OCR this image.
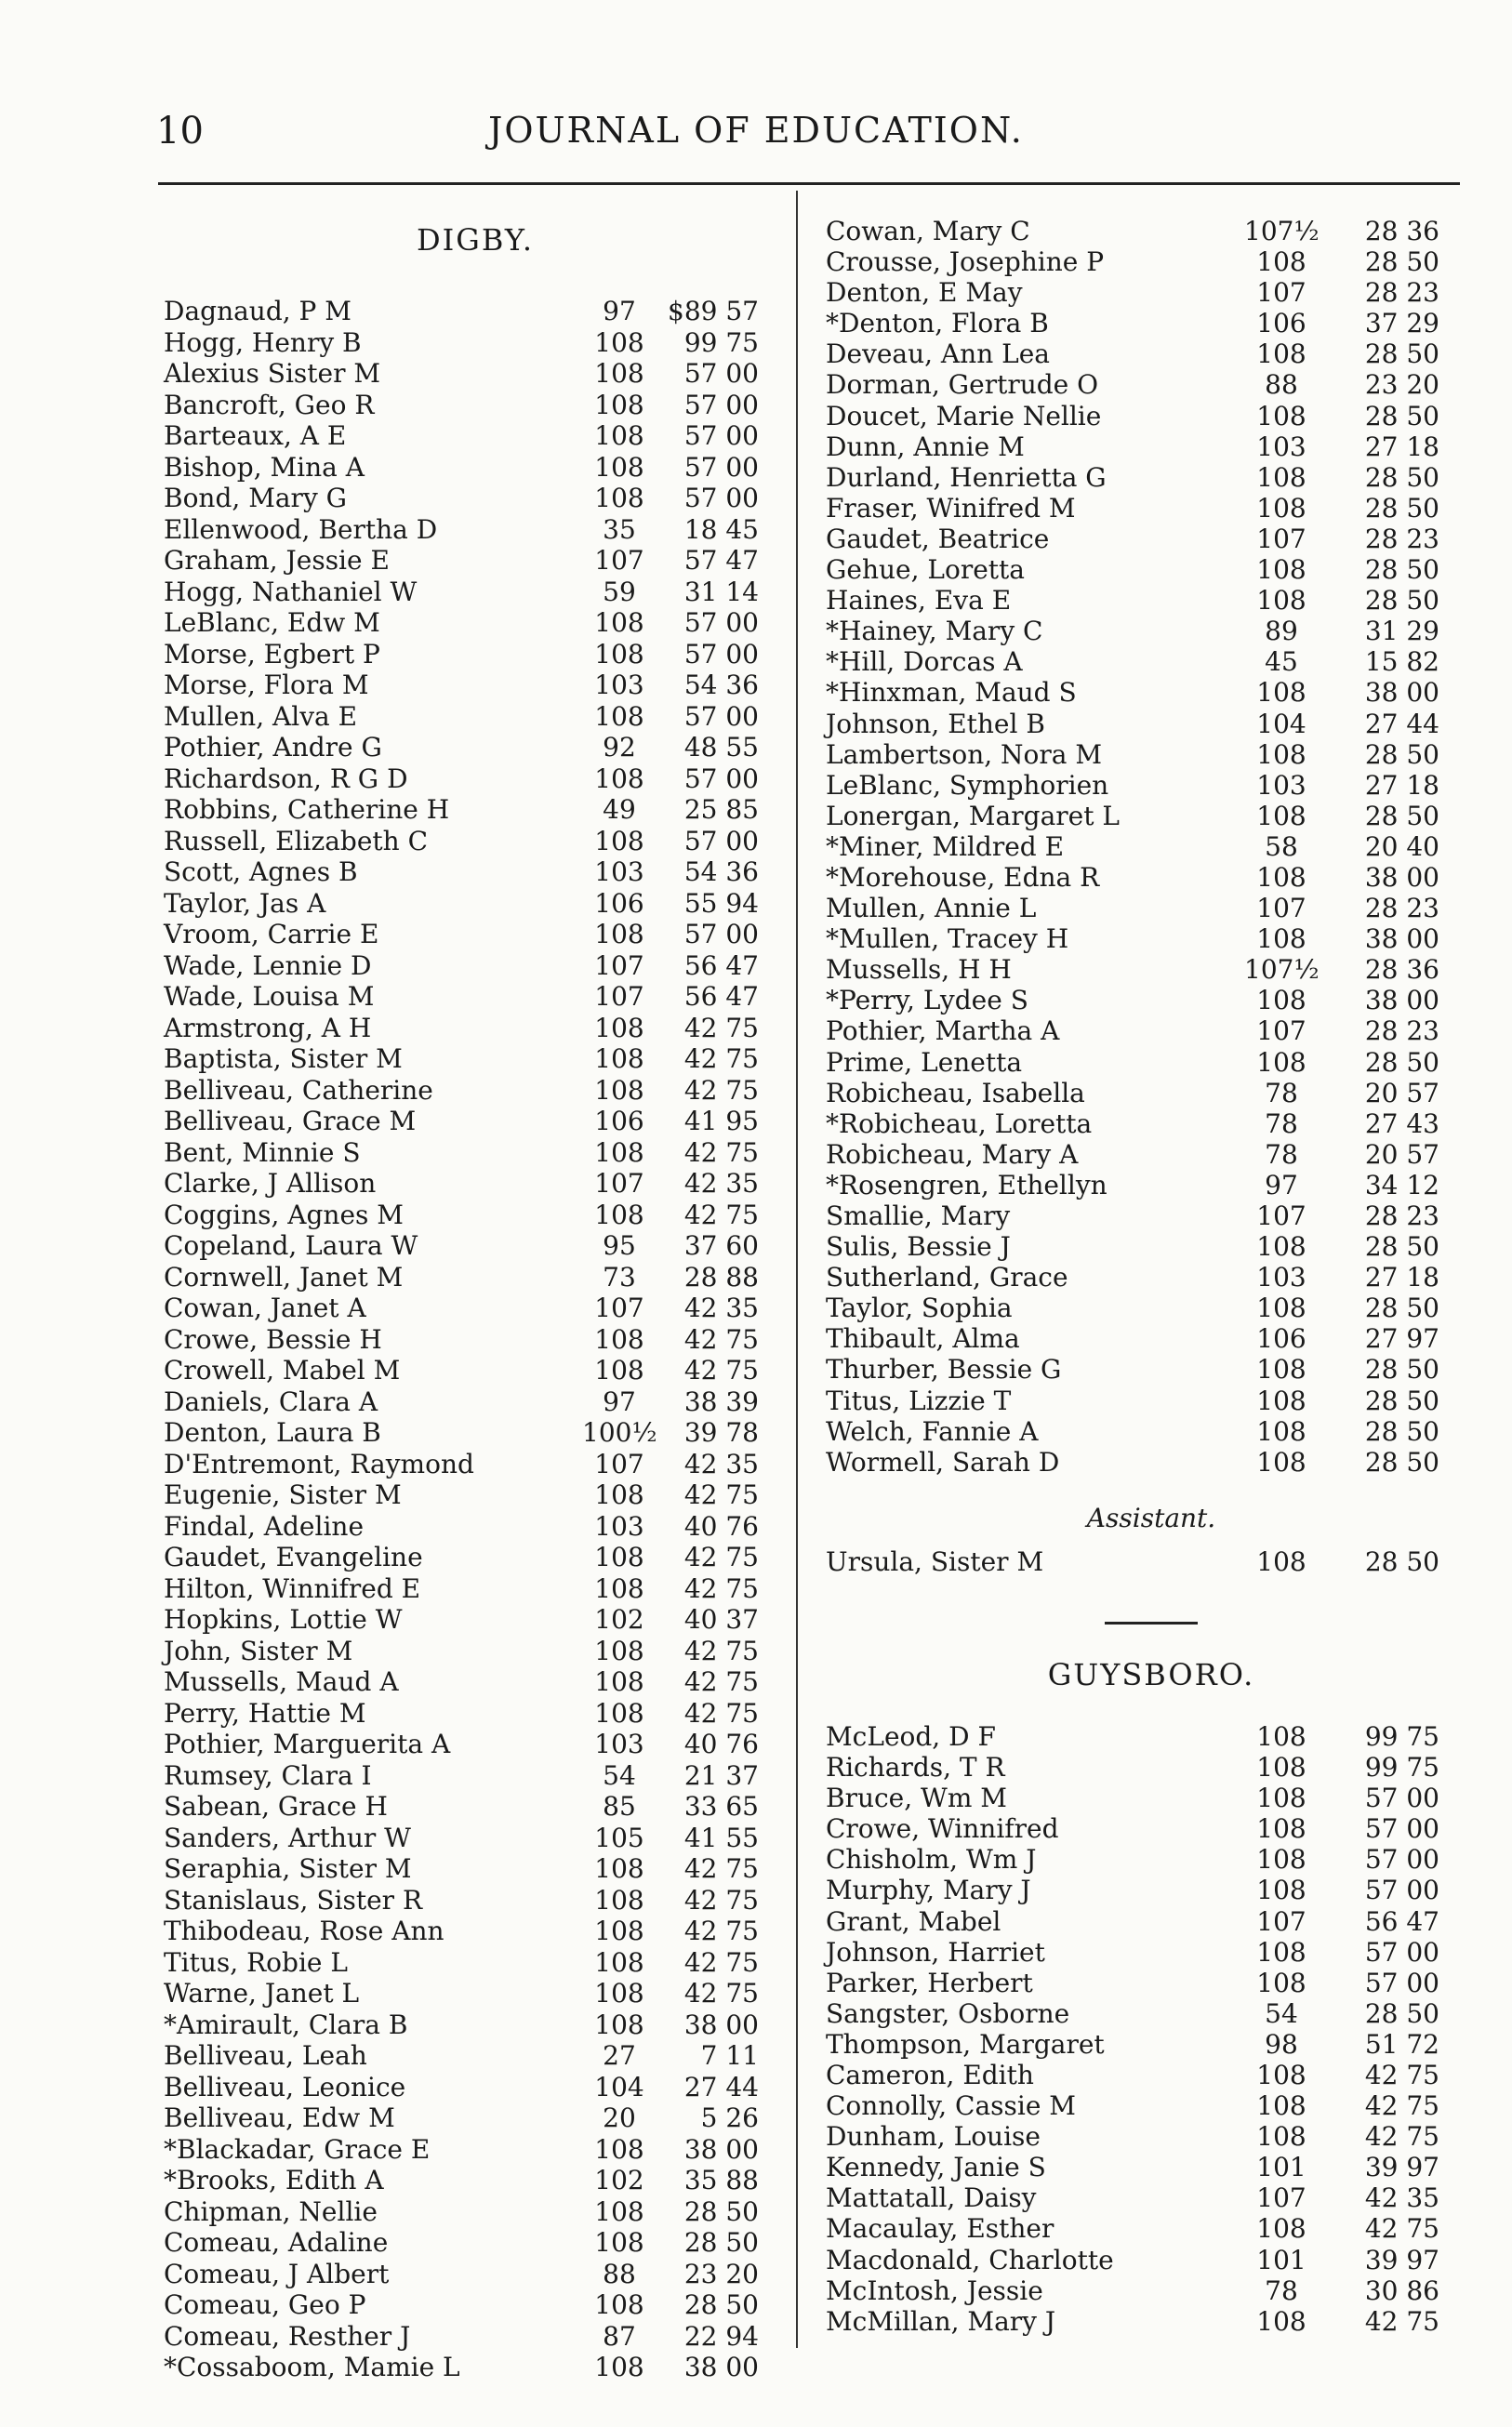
10	JOURNAL OF EDUCATION.
DIGBY.
Dagnaud, P M	97	$89 57
Hogg, Henry B	108	99 75
Alexius Sister M	108	57 00
Bancroft, Geo R	108	57 00
Barteaux, A E	108	57 00
Bishop, Mina A	108	57 00
Bond, Mary G	108	57 00
Ellenwood, Bertha D	35	18 45
Graham, Jessie E	107	57 47
Hogg, Nathaniel W	59	31 14
LeBlanc, Edw M	108	57 00
Morse, Egbert P	108	57 00
Morse, Flora M	103	54 36
Mullen, Alva E	108	57 00
Pothier, Andre G	92	48 55
Richardson, R G D	108	57 00
Robbins, Catherine H	49	25 85
Russell, Elizabeth C	108	57 00
Scott, Agnes B	103	54 36
Taylor, Jas A	106	55 94
Vroom, Carrie E	108	57 00
Wade, Lennie D	107	56 47
Wade, Louisa M	107	56 47
Armstrong, A H	108	42 75
Baptista, Sister M	108	42 75
Belliveau, Catherine	108	42 75
Belliveau, Grace M	106	41 95
Bent, Minnie S	108	42 75
Clarke, J Allison	107	42 35
Coggins, Agnes M	108	42 75
Copeland, Laura W	95	37 60
Cornwell, Janet M	73	28 88
Cowan, Janet A	107	42 35
Crowe, Bessie H	108	42 75
Crowell, Mabel M	108	42 75
Daniels, Clara A	97	38 39
Denton, Laura B	100½	39 78
D'Entremont, Raymond	107	42 35
Eugenie, Sister M	108	42 75
Findal, Adeline	103	40 76
Gaudet, Evangeline	108	42 75
Hilton, Winnifred E	108	42 75
Hopkins, Lottie W	102	40 37
John, Sister M	108	42 75
Mussells, Maud A	108	42 75
Perry, Hattie M	108	42 75
Pothier, Marguerita A	103	40 76
Rumsey, Clara I	54	21 37
Sabean, Grace H	85	33 65
Sanders, Arthur W	105	41 55
Seraphia, Sister M	108	42 75
Stanislaus, Sister R	108	42 75
Thibodeau, Rose Ann	108	42 75
Titus, Robie L	108	42 75
Warne, Janet L	108	42 75
*Amirault, Clara B	108	38 00
Belliveau, Leah	27	7 11
Belliveau, Leonice	104	27 44
Belliveau, Edw M	20	5 26
*Blackadar, Grace E	108	38 00
*Brooks, Edith A	102	35 88
Chipman, Nellie	108	28 50
Comeau, Adaline	108	28 50
Comeau, J Albert	88	23 20
Comeau, Geo P	108	28 50
Comeau, Resther J	87	22 94
*Cossaboom, Mamie L	108	38 00
Cowan, Mary C	107½	28 36
Crousse, Josephine P	108	28 50
Denton, E May	107	28 23
*Denton, Flora B	106	37 29
Deveau, Ann Lea	108	28 50
Dorman, Gertrude O	88	23 20
Doucet, Marie Nellie	108	28 50
Dunn, Annie M	103	27 18
Durland, Henrietta G	108	28 50
Fraser, Winifred M	108	28 50
Gaudet, Beatrice	107	28 23
Gehue, Loretta	108	28 50
Haines, Eva E	108	28 50
*Hainey, Mary C	89	31 29
*Hill, Dorcas A	45	15 82
*Hinxman, Maud S	108	38 00
Johnson, Ethel B	104	27 44
Lambertson, Nora M	108	28 50
LeBlanc, Symphorien	103	27 18
Lonergan, Margaret L	108	28 50
*Miner, Mildred E	58	20 40
*Morehouse, Edna R	108	38 00
Mullen, Annie L	107	28 23
*Mullen, Tracey H	108	38 00
Mussells, H H	107½	28 36
*Perry, Lydee S	108	38 00
Pothier, Martha A	107	28 23
Prime, Lenetta	108	28 50
Robicheau, Isabella	78	20 57
*Robicheau, Loretta	78	27 43
Robicheau, Mary A	78	20 57
*Rosengren, Ethellyn	97	34 12
Smallie, Mary	107	28 23
Sulis, Bessie J	108	28 50
Sutherland, Grace	103	27 18
Taylor, Sophia	108	28 50
Thibault, Alma	106	27 97
Thurber, Bessie G	108	28 50
Titus, Lizzie T	108	28 50
Welch, Fannie A	108	28 50
Wormell, Sarah D	108	28 50
Assistant.
Ursula, Sister M	108	28 50
GUYSBORO.
McLeod, D F	108	99 75
Richards, T R	108	99 75
Bruce, Wm M	108	57 00
Crowe, Winnifred	108	57 00
Chisholm, Wm J	108	57 00
Murphy, Mary J	108	57 00
Grant, Mabel	107	56 47
Johnson, Harriet	108	57 00
Parker, Herbert	108	57 00
Sangster, Osborne	54	28 50
Thompson, Margaret	98	51 72
Cameron, Edith	108	42 75
Connolly, Cassie M	108	42 75
Dunham, Louise	108	42 75
Kennedy, Janie S	101	39 97
Mattatall, Daisy	107	42 35
Macaulay, Esther	108	42 75
Macdonald, Charlotte	101	39 97
McIntosh, Jessie	78	30 86
McMillan, Mary J	108	42 75
